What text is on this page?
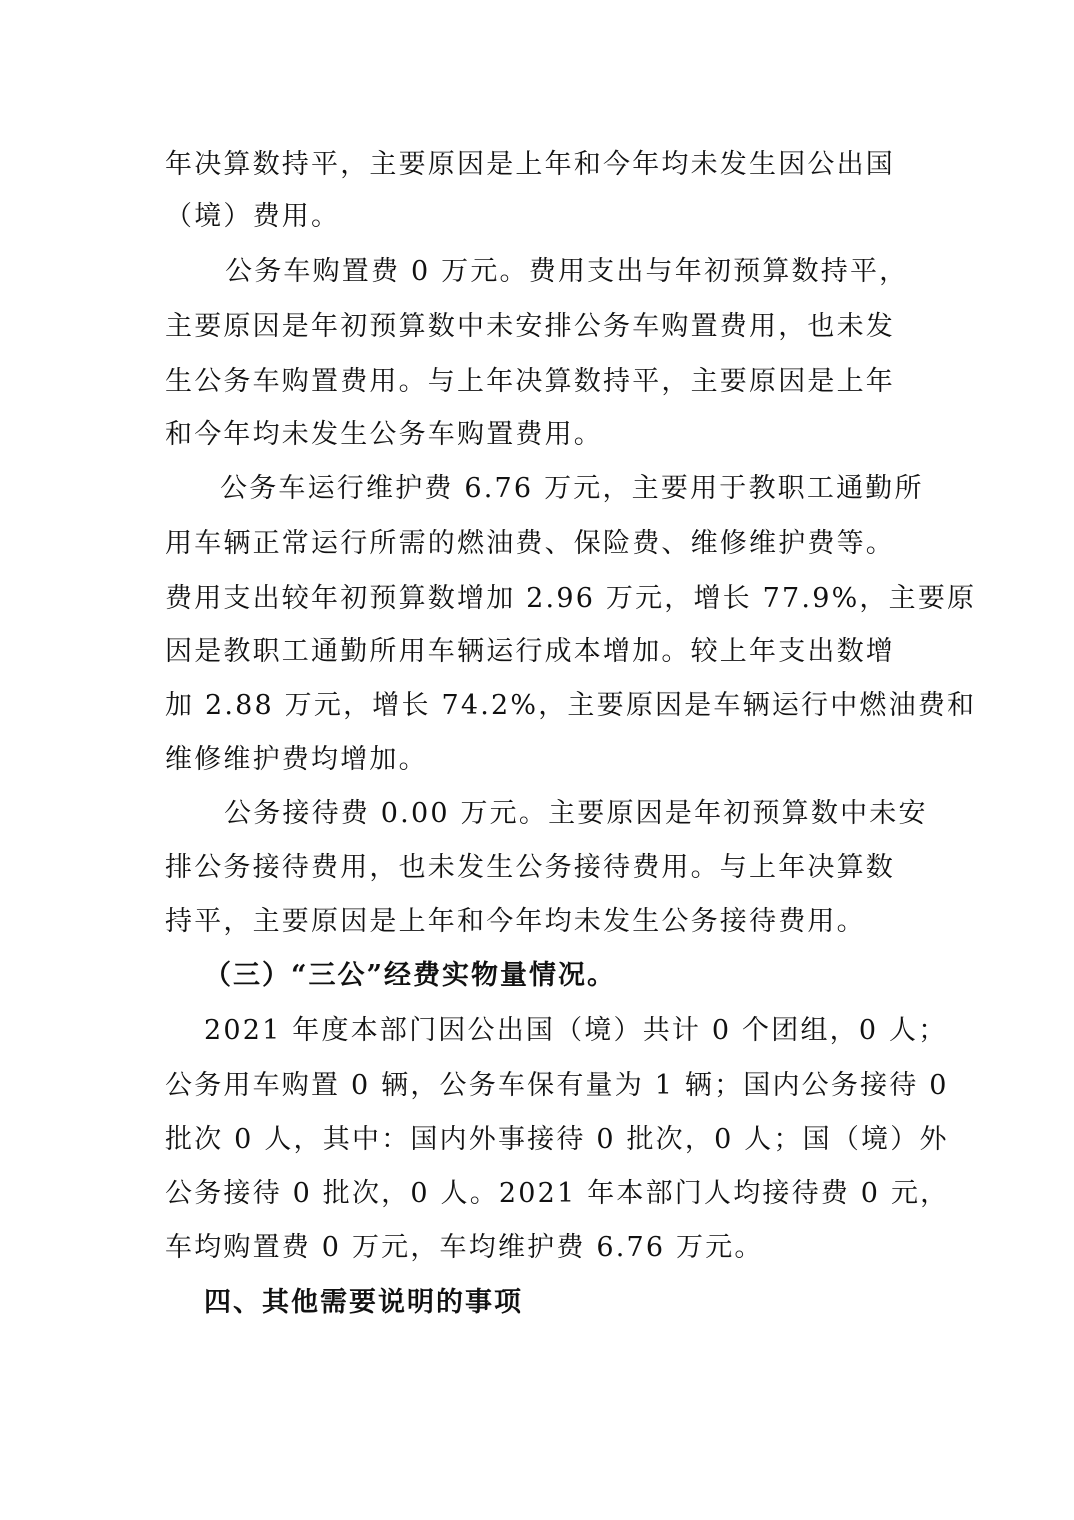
年决算数持平，主要原因是上年和今年均未发生因公出国
（境）费用。
公务车购置费 0 万元。费用支出与年初预算数持平，
主要原因是年初预算数中未安排公务车购置费用，也未发
生公务车购置费用。与上年决算数持平，主要原因是上年
和今年均未发生公务车购置费用。
公务车运行维护费 6.76 万元，主要用于教职工通勤所
用车辆正常运行所需的燃油费、保险费、维修维护费等。
费用支出较年初预算数增加 2.96 万元，增长 77.9%，主要原
因是教职工通勤所用车辆运行成本增加。较上年支出数增
加 2.88 万元，增长 74.2%，主要原因是车辆运行中燃油费和
维修维护费均增加。
公务接待费 0.00 万元。主要原因是年初预算数中未安
排公务接待费用，也未发生公务接待费用。与上年决算数
持平，主要原因是上年和今年均未发生公务接待费用。
（三）“三公”经费实物量情况。
2021 年度本部门因公出国（境）共计 0 个团组，0 人；
公务用车购置 0 辆，公务车保有量为 1 辆；国内公务接待 0
批次 0 人，其中：国内外事接待 0 批次，0 人；国（境）外
公务接待 0 批次，0 人。2021 年本部门人均接待费 0 元，
车均购置费 0 万元，车均维护费 6.76 万元。
四、其他需要说明的事项
